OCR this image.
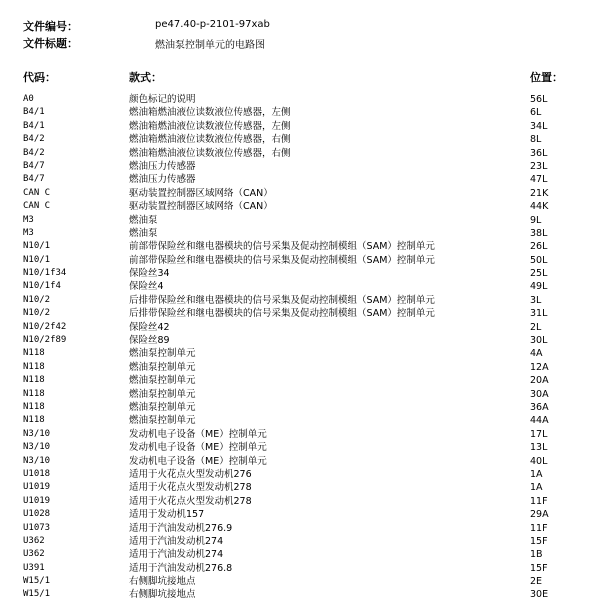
文件编号：	pe47.40-p-2101-97xab
文件标题：	燃油泵控制单元的电路图
代码：	款式：	位置：
A0	颜色标记的说明	56L
B4/1	燃油箱燃油液位读数液位传感器，左侧	6L
B4/1	燃油箱燃油液位读数液位传感器，左侧	34L
B4/2	燃油箱燃油液位读数液位传感器，右侧	8L
B4/2	燃油箱燃油液位读数液位传感器，右侧	36L
B4/7	燃油压力传感器	23L
B4/7	燃油压力传感器	47L
CAN C	驱动装置控制器区域网络（CAN）	21K
CAN C	驱动装置控制器区域网络（CAN）	44K
M3	燃油泵	9L
M3	燃油泵	38L
N10/1	前部带保险丝和继电器模块的信号采集及促动控制模组（SAM）控制单元	26L
N10/1	前部带保险丝和继电器模块的信号采集及促动控制模组（SAM）控制单元	50L
N10/1f34	保险丝34	25L
N10/1f4	保险丝4	49L
N10/2	后排带保险丝和继电器模块的信号采集及促动控制模组（SAM）控制单元	3L
N10/2	后排带保险丝和继电器模块的信号采集及促动控制模组（SAM）控制单元	31L
N10/2f42	保险丝42	2L
N10/2f89	保险丝89	30L
N118	燃油泵控制单元	4A
N118	燃油泵控制单元	12A
N118	燃油泵控制单元	20A
N118	燃油泵控制单元	30A
N118	燃油泵控制单元	36A
N118	燃油泵控制单元	44A
N3/10	发动机电子设备（ME）控制单元	17L
N3/10	发动机电子设备（ME）控制单元	13L
N3/10	发动机电子设备（ME）控制单元	40L
U1018	适用于火花点火型发动机276	1A
U1019	适用于火花点火型发动机278	1A
U1019	适用于火花点火型发动机278	11F
U1028	适用于发动机157	29A
U1073	适用于汽油发动机276.9	11F
U362	适用于汽油发动机274	15F
U362	适用于汽油发动机274	1B
U391	适用于汽油发动机276.8	15F
W15/1	右侧脚坑接地点	2E
W15/1	右侧脚坑接地点	30E
